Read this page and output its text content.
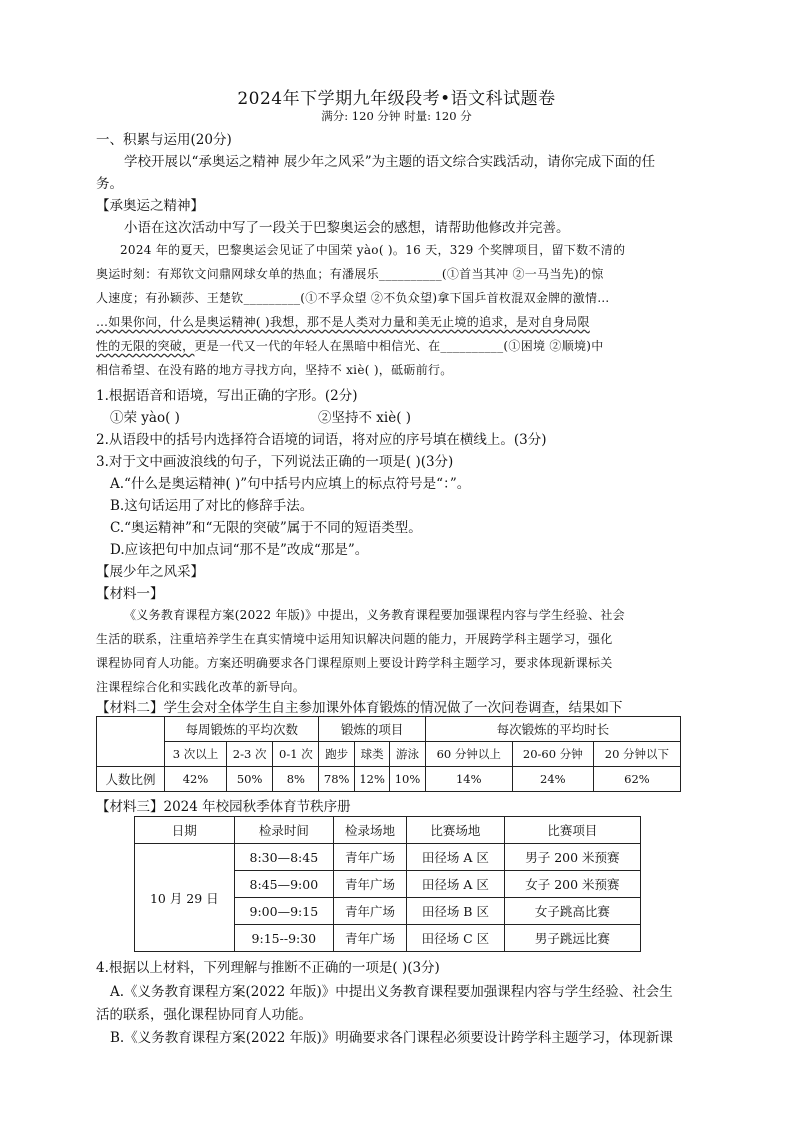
2024年下学期九年级段考•语文科试题卷
满分: 120 分钟 时量: 120 分
一、积累与运用(20分)
学校开展以“承奥运之精神 展少年之风采”为主题的语文综合实践活动，请你完成下面的任
务。
【承奥运之精神】
小语在这次活动中写了一段关于巴黎奥运会的感想，请帮助他修改并完善。
2024 年的夏天，巴黎奥运会见证了中国荣 yào( )。16 天，329 个奖牌项目，留下数不清的
奥运时刻：有郑钦文问鼎网球女单的热血；有潘展乐__________(①首当其冲 ②一马当先)的惊
人速度；有孙颖莎、王楚钦_________(①不孚众望 ②不负众望)拿下国乒首枚混双金牌的激情…
…如果你问，什么是奥运精神( )我想，那不是人类对力量和美无止境的追求，是对自身局限
性的无限的突破，更是一代又一代的年轻人在黑暗中相信光、在__________(①困境 ②顺境)中
相信希望、在没有路的地方寻找方向，坚持不 xiè( )，砥砺前行。
1.根据语音和语境，写出正确的字形。(2分)
①荣 yào( )	②坚持不 xiè( )
2.从语段中的括号内选择符合语境的词语，将对应的序号填在横线上。(3分)
3.对于文中画波浪线的句子，下列说法正确的一项是( )(3分)
A.“什么是奥运精神( )”句中括号内应填上的标点符号是“：”。
B.这句话运用了对比的修辞手法。
C.“奥运精神”和“无限的突破”属于不同的短语类型。
D.应该把句中加点词“那不是”改成“那是”。
【展少年之风采】
【材料一】
《义务教育课程方案(2022 年版)》中提出，义务教育课程要加强课程内容与学生经验、社会
生活的联系，注重培养学生在真实情境中运用知识解决问题的能力，开展跨学科主题学习，强化
课程协同育人功能。方案还明确要求各门课程原则上要设计跨学科主题学习，要求体现新课标关
注课程综合化和实践化改革的新导向。
【材料二】学生会对全体学生自主参加课外体育锻炼的情况做了一次问卷调查，结果如下
	每周锻炼的平均次数			锻炼的项目			每次锻炼的平均时长		
	3 次以上	2-3 次	0-1 次	跑步	球类	游泳	60 分钟以上	20-60 分钟	20 分钟以下
人数比例	42%	50%	8%	78%	12%	10%	14%	24%	62%
【材料三】2024 年校园秋季体育节秩序册
日期	检录时间	检录场地	比赛场地	比赛项目
10 月 29 日	8:30—8:45	青年广场	田径场 A 区	男子 200 米预赛
	8:45—9:00	青年广场	田径场 A 区	女子 200 米预赛
	9:00—9:15	青年广场	田径场 B 区	女子跳高比赛
	9:15--9:30	青年广场	田径场 C 区	男子跳远比赛
4.根据以上材料，下列理解与推断不正确的一项是( )(3分)
A.《义务教育课程方案(2022 年版)》中提出义务教育课程要加强课程内容与学生经验、社会生
活的联系，强化课程协同育人功能。
B.《义务教育课程方案(2022 年版)》明确要求各门课程必须要设计跨学科主题学习，体现新课
